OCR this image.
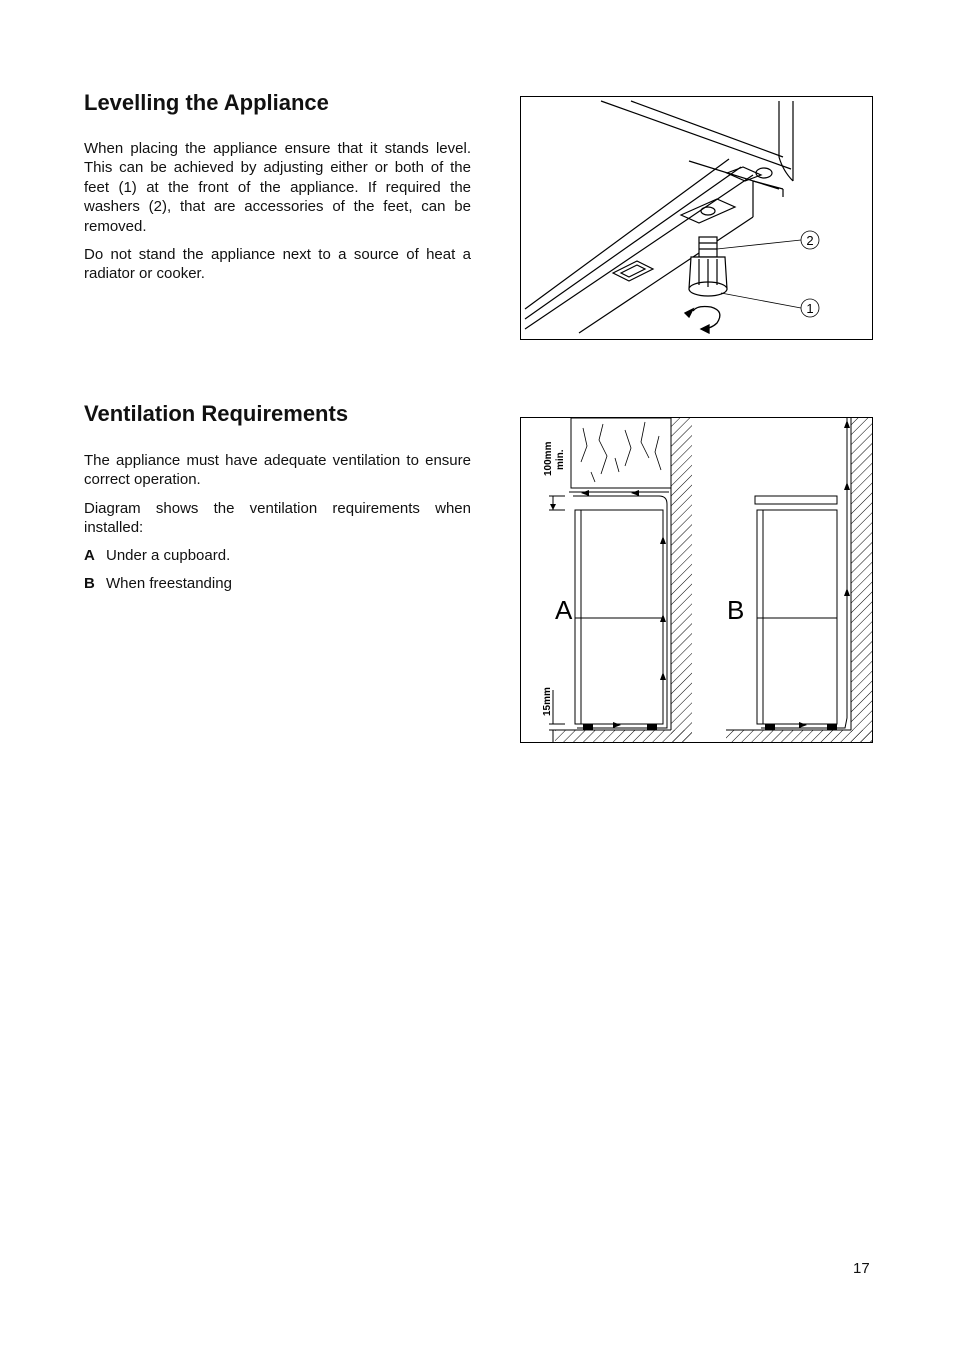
Levelling the Appliance

When placing the appliance ensure that it stands level. This can be achieved by adjusting either or both of the feet (1) at the front of the appliance. If required the washers (2), that are accessories of the feet, can be removed.

Do not stand the appliance next to a source of heat a radiator or cooker.

2
1
Ventilation Requirements

The appliance must have adequate ventilation to ensure correct operation.

Diagram shows the ventilation requirements when installed:

A Under a cupboard.
B When freestanding
A	B
100mm min.
15mm
17
